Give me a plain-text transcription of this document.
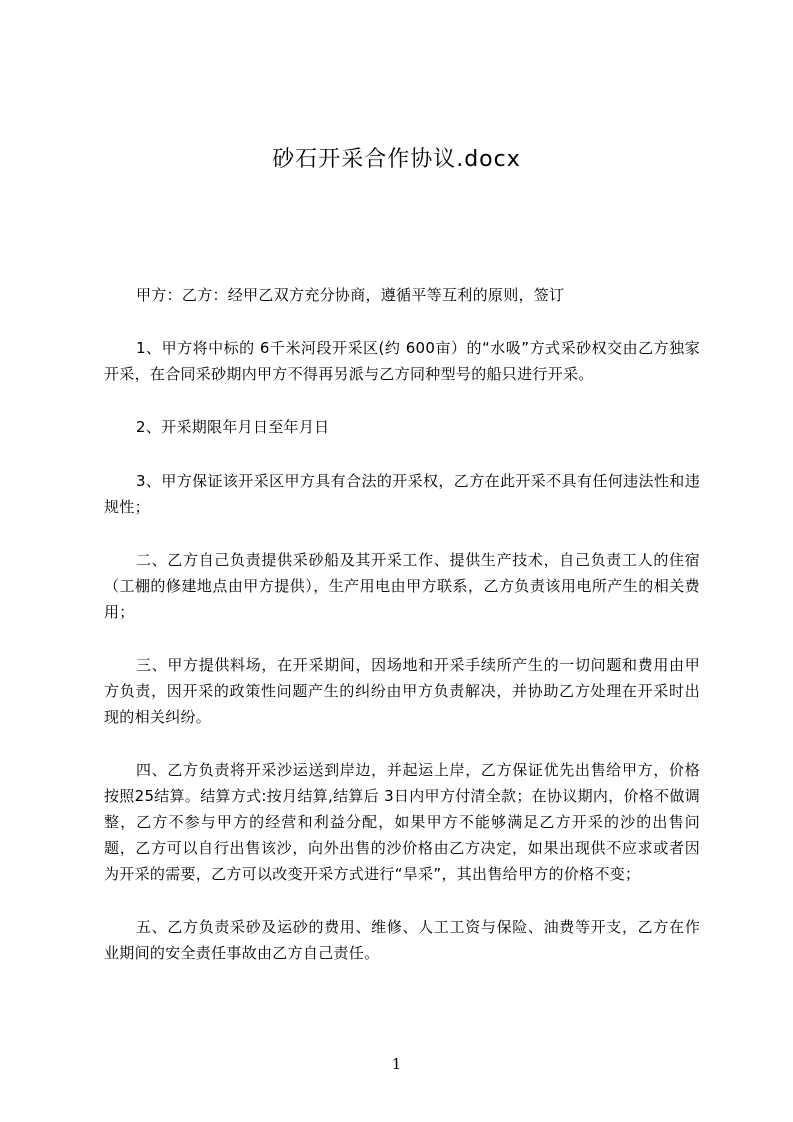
砂石开采合作协议.docx

甲方：乙方：经甲乙双方充分协商，遵循平等互利的原则，签订

1、甲方将中标的 6千米河段开采区(约 600亩）的“水吸”方式采砂权交由乙方独家开采，在合同采砂期内甲方不得再另派与乙方同种型号的船只进行开采。

2、开采期限年月日至年月日

3、甲方保证该开采区甲方具有合法的开采权，乙方在此开采不具有任何违法性和违规性；

二、乙方自己负责提供采砂船及其开采工作、提供生产技术，自己负责工人的住宿（工棚的修建地点由甲方提供），生产用电由甲方联系，乙方负责该用电所产生的相关费用；

三、甲方提供料场，在开采期间，因场地和开采手续所产生的一切问题和费用由甲方负责，因开采的政策性问题产生的纠纷由甲方负责解决，并协助乙方处理在开采时出现的相关纠纷。

四、乙方负责将开采沙运送到岸边，并起运上岸，乙方保证优先出售给甲方，价格按照25结算。结算方式:按月结算,结算后 3日内甲方付清全款；在协议期内，价格不做调整，乙方不参与甲方的经营和利益分配，如果甲方不能够满足乙方开采的沙的出售问题，乙方可以自行出售该沙，向外出售的沙价格由乙方决定，如果出现供不应求或者因为开采的需要，乙方可以改变开采方式进行“旱采”，其出售给甲方的价格不变；

五、乙方负责采砂及运砂的费用、维修、人工工资与保险、油费等开支，乙方在作业期间的安全责任事故由乙方自己责任。

1
